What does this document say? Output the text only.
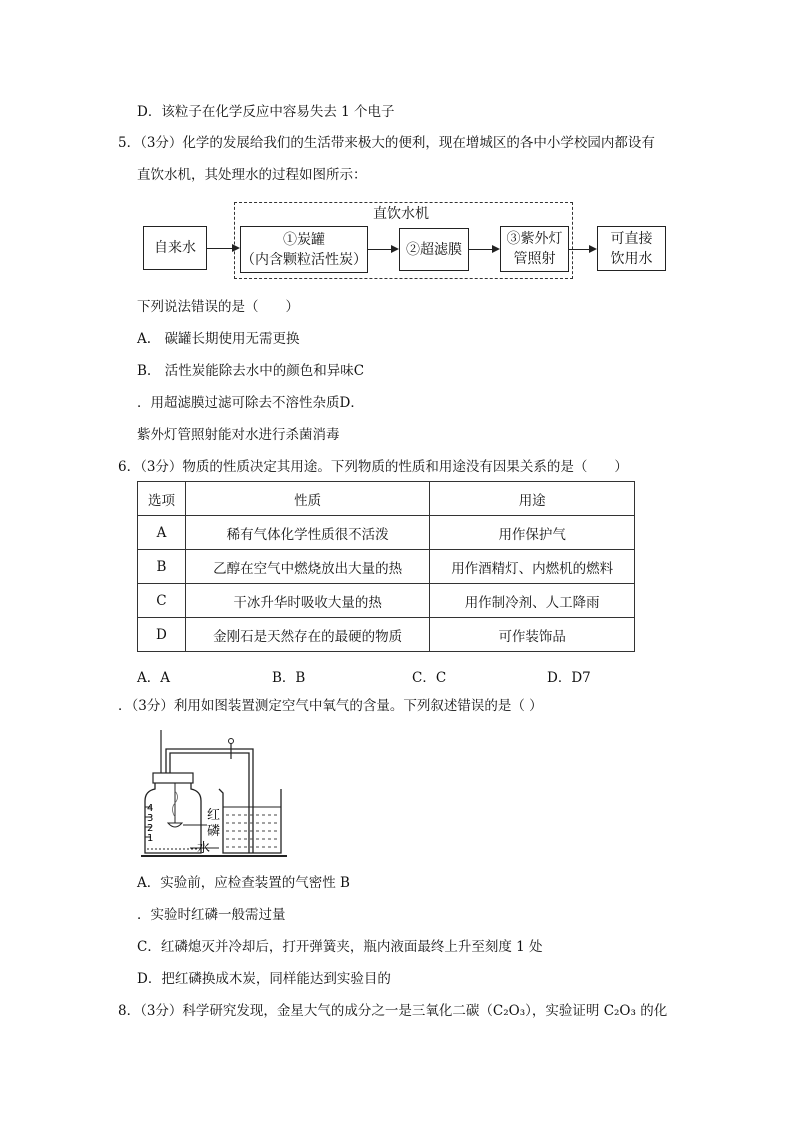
D．该粒子在化学反应中容易失去 1 个电子
5．（3分）化学的发展给我们的生活带来极大的便利，现在增城区的各中小学校园内都设有
直饮水机，其处理水的过程如图所示：
直饮水机
自来水
①炭罐
（内含颗粒活性炭）
②超滤膜
③紫外灯
管照射
可直接
饮用水
下列说法错误的是（　　）
A.　碳罐长期使用无需更换
B.　活性炭能除去水中的颜色和异味C
．用超滤膜过滤可除去不溶性杂质D．
紫外灯管照射能对水进行杀菌消毒
6．（3分）物质的性质决定其用途。下列物质的性质和用途没有因果关系的是（　　）
选项	性质	用途
A	稀有气体化学性质很不活泼	用作保护气
B	乙醇在空气中燃烧放出大量的热	用作酒精灯、内燃机的燃料
C	干冰升华时吸收大量的热	用作制冷剂、人工降雨
D	金刚石是天然存在的最硬的物质	可作装饰品
A．A	B．B	C．C	D．D7
．（3分）利用如图装置测定空气中氧气的含量。下列叙述错误的是（ ）
4
3
2
1
红
磷
水
A．实验前，应检查装置的气密性 B
．实验时红磷一般需过量
C．红磷熄灭并冷却后，打开弹簧夹，瓶内液面最终上升至刻度 1 处
D．把红磷换成木炭，同样能达到实验目的
8．（3分）科学研究发现，金星大气的成分之一是三氧化二碳（C₂O₃），实验证明 C₂O₃ 的化
